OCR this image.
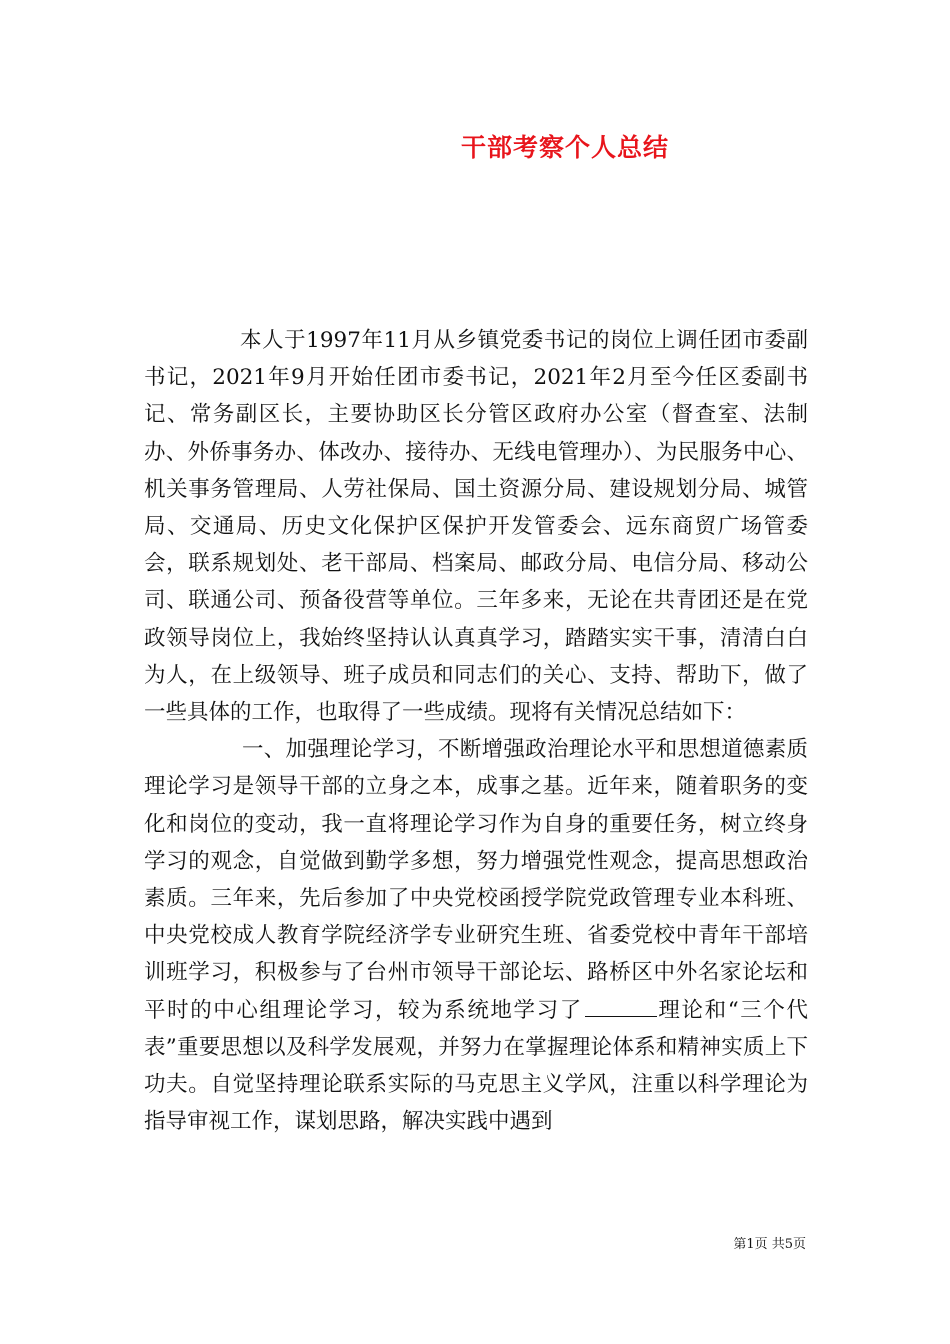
干部考察个人总结

本人于1997年11月从乡镇党委书记的岗位上调任团市委副书记，2021年9月开始任团市委书记，2021年2月至今任区委副书记、常务副区长，主要协助区长分管区政府办公室（督查室、法制办、外侨事务办、体改办、接待办、无线电管理办）、为民服务中心、机关事务管理局、人劳社保局、国土资源分局、建设规划分局、城管局、交通局、历史文化保护区保护开发管委会、远东商贸广场管委会，联系规划处、老干部局、档案局、邮政分局、电信分局、移动公司、联通公司、预备役营等单位。三年多来，无论在共青团还是在党政领导岗位上，我始终坚持认认真真学习，踏踏实实干事，清清白白为人，在上级领导、班子成员和同志们的关心、支持、帮助下，做了一些具体的工作，也取得了一些成绩。现将有关情况总结如下：

一、加强理论学习，不断增强政治理论水平和思想道德素质理论学习是领导干部的立身之本，成事之基。近年来，随着职务的变化和岗位的变动，我一直将理论学习作为自身的重要任务，树立终身学习的观念，自觉做到勤学多想，努力增强党性观念，提高思想政治素质。三年来，先后参加了中央党校函授学院党政管理专业本科班、中央党校成人教育学院经济学专业研究生班、省委党校中青年干部培训班学习，积极参与了台州市领导干部论坛、路桥区中外名家论坛和平时的中心组理论学习，较为系统地学习了	理论和“三个代表”重要思想以及科学发展观，并努力在掌握理论体系和精神实质上下功夫。自觉坚持理论联系实际的马克思主义学风，注重以科学理论为指导审视工作，谋划思路，解决实践中遇到

第1页 共5页
